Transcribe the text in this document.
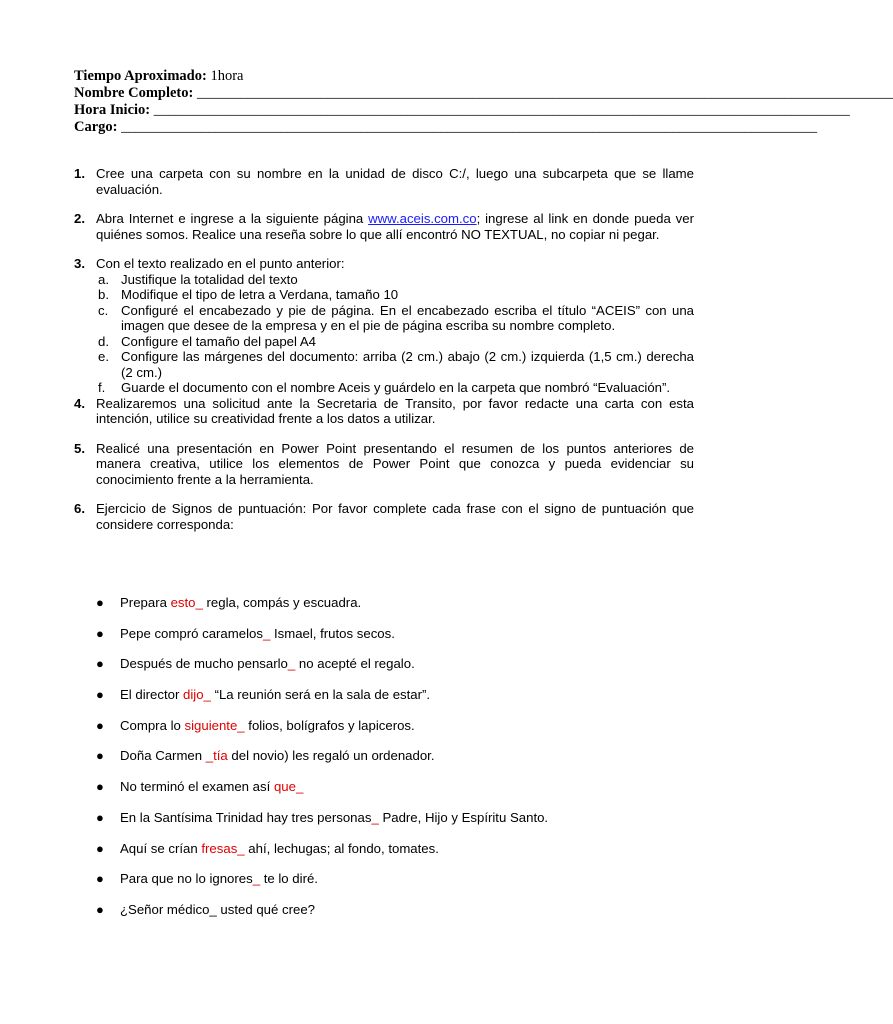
Tiempo Aproximado: 1hora
Nombre Completo: ________________________________________________________________________________________________
Hora Inicio: ________________________________________________________________________________________________
Cargo: ________________________________________________________________________________________________
1. Cree una carpeta con su nombre en la unidad de disco C:/, luego una subcarpeta que se llame evaluación.
2. Abra Internet e ingrese a la siguiente página www.aceis.com.co; ingrese al link en donde pueda ver quiénes somos. Realice una reseña sobre lo que allí encontró NO TEXTUAL, no copiar ni pegar.
3. Con el texto realizado en el punto anterior:
a. Justifique la totalidad del texto
b. Modifique el tipo de letra a Verdana, tamaño 10
c. Configuré el encabezado y pie de página. En el encabezado escriba el título “ACEIS” con una imagen que desee de la empresa y en el pie de página escriba su nombre completo.
d. Configure el tamaño del papel A4
e. Configure las márgenes del documento: arriba (2 cm.) abajo (2 cm.) izquierda (1,5 cm.) derecha (2 cm.)
f. Guarde el documento con el nombre Aceis y guárdelo en la carpeta que nombró “Evaluación”.
4. Realizaremos una solicitud ante la Secretaria de Transito, por favor redacte una carta con esta intención, utilice su creatividad frente a los datos a utilizar.
5. Realicé una presentación en Power Point presentando el resumen de los puntos anteriores de manera creativa, utilice los elementos de Power Point que conozca y pueda evidenciar su conocimiento frente a la herramienta.
6. Ejercicio de Signos de puntuación: Por favor complete cada frase con el signo de puntuación que considere corresponda:
● Prepara esto_ regla, compás y escuadra.
● Pepe compró caramelos_ Ismael, frutos secos.
● Después de mucho pensarlo_ no acepté el regalo.
● El director dijo_ “La reunión será en la sala de estar”.
● Compra lo siguiente_ folios, bolígrafos y lapiceros.
● Doña Carmen _tía del novio) les regaló un ordenador.
● No terminó el examen así que_
● En la Santísima Trinidad hay tres personas_ Padre, Hijo y Espíritu Santo.
● Aquí se crían fresas_ ahí, lechugas; al fondo, tomates.
● Para que no lo ignores_ te lo diré.
● ¿Señor médico_ usted qué cree?
